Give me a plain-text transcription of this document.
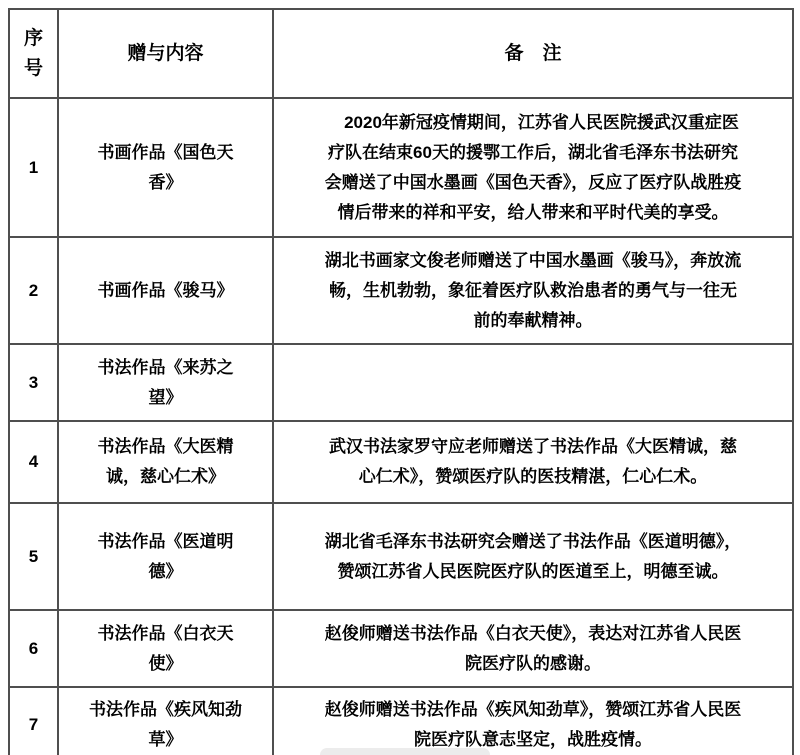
序号	赠与内容	备　注
1	书画作品《国色天香》	　2020年新冠疫情期间，江苏省人民医院援武汉重症医疗队在结束60天的援鄂工作后，湖北省毛泽东书法研究会赠送了中国水墨画《国色天香》，反应了医疗队战胜疫情后带来的祥和平安，给人带来和平时代美的享受。
2	书画作品《骏马》	湖北书画家文俊老师赠送了中国水墨画《骏马》，奔放流畅，生机勃勃，象征着医疗队救治患者的勇气与一往无前的奉献精神。
3	书法作品《来苏之望》	
4	书法作品《大医精诚，慈心仁术》	武汉书法家罗守应老师赠送了书法作品《大医精诚，慈心仁术》，赞颂医疗队的医技精湛，仁心仁术。
5	书法作品《医道明德》	湖北省毛泽东书法研究会赠送了书法作品《医道明德》，赞颂江苏省人民医院医疗队的医道至上，明德至诚。
6	书法作品《白衣天使》	赵俊师赠送书法作品《白衣天使》，表达对江苏省人民医院医疗队的感谢。
7	书法作品《疾风知劲草》	赵俊师赠送书法作品《疾风知劲草》，赞颂江苏省人民医院医疗队意志坚定，战胜疫情。
